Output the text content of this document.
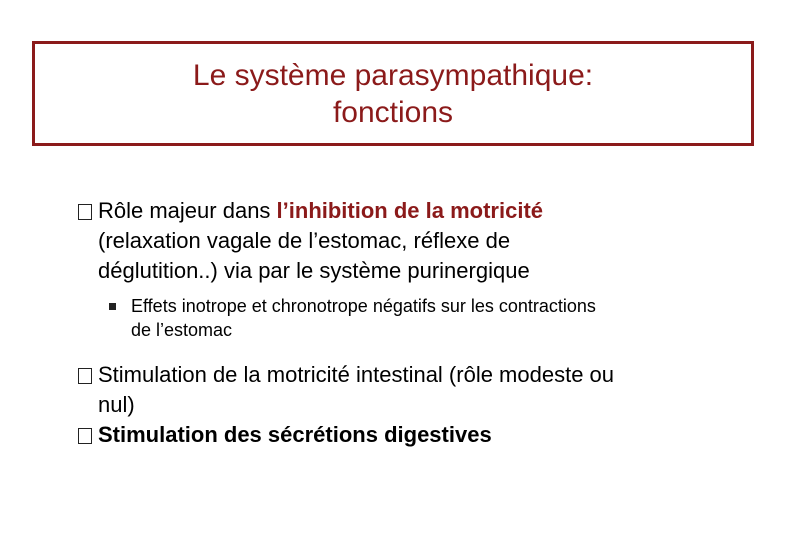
Le système parasympathique:
fonctions
Rôle majeur dans l’inhibition de la motricité
(relaxation vagale de l’estomac, réflexe de
déglutition..) via par le système purinergique
Effets inotrope et chronotrope négatifs sur les contractions
de l’estomac
Stimulation de la motricité intestinal (rôle modeste ou
nul)
Stimulation des sécrétions digestives
